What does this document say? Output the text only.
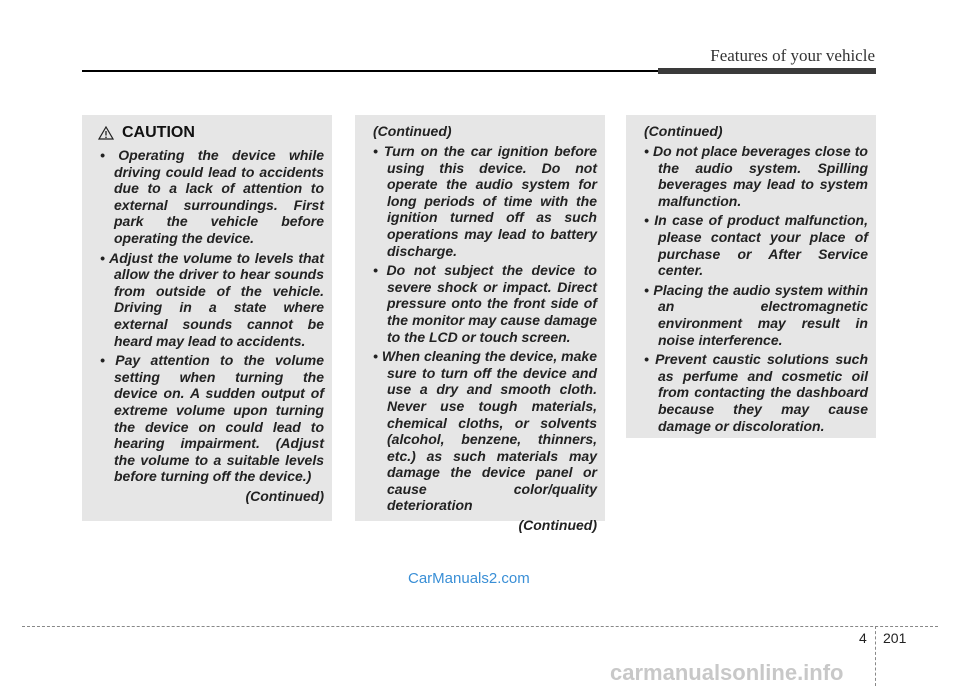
Features of your vehicle
CAUTION
• Operating the device while driving could lead to accidents due to a lack of attention to external surroundings. First park the vehicle before operating the device.
• Adjust the volume to levels that allow the driver to hear sounds from outside of the vehicle. Driving in a state where external sounds cannot be heard may lead to accidents.
• Pay attention to the volume setting when turning the device on. A sudden output of extreme volume upon turning the device on could lead to hearing impairment. (Adjust the volume to a suitable levels before turning off the device.)
(Continued)
(Continued)
• Turn on the car ignition before using this device. Do not operate the audio system for long periods of time with the ignition turned off as such operations may lead to battery discharge.
• Do not subject the device to severe shock or impact. Direct pressure onto the front side of the monitor may cause damage to the LCD or touch screen.
• When cleaning the device, make sure to turn off the device and use a dry and smooth cloth. Never use tough materials, chemical cloths, or solvents (alcohol, benzene, thinners, etc.) as such materials may damage the device panel or cause color/quality deterioration
(Continued)
(Continued)
• Do not place beverages close to the audio system. Spilling beverages may lead to system malfunction.
• In case of product malfunction, please contact your place of purchase or After Service center.
• Placing the audio system within an electromagnetic environment may result in noise interference.
• Prevent caustic solutions such as perfume and cosmetic oil from contacting the dashboard because they may cause damage or discoloration.
CarManuals2.com
4 201
carmanualsonline.info
